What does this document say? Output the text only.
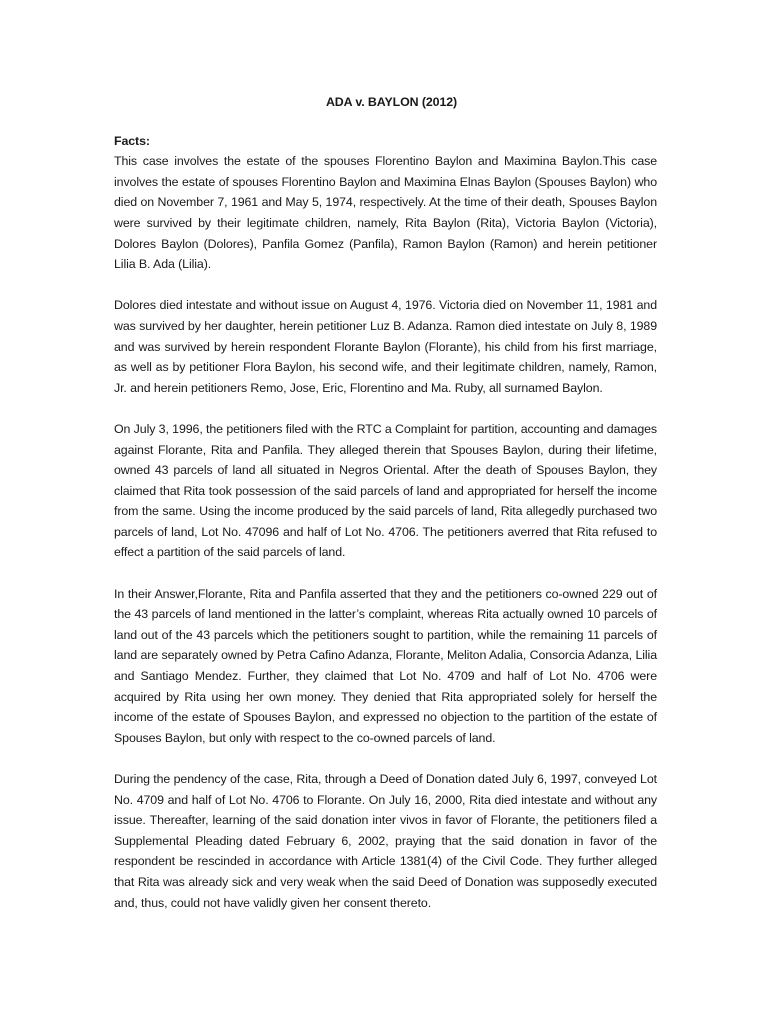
ADA v. BAYLON (2012)
Facts:

This case involves the estate of the spouses Florentino Baylon and Maximina Baylon.This case involves the estate of spouses Florentino Baylon and Maximina Elnas Baylon (Spouses Baylon) who died on November 7, 1961 and May 5, 1974, respectively. At the time of their death, Spouses Baylon were survived by their legitimate children, namely, Rita Baylon (Rita), Victoria Baylon (Victoria), Dolores Baylon (Dolores), Panfila Gomez (Panfila), Ramon Baylon (Ramon) and herein petitioner Lilia B. Ada (Lilia).

Dolores died intestate and without issue on August 4, 1976. Victoria died on November 11, 1981 and was survived by her daughter, herein petitioner Luz B. Adanza. Ramon died intestate on July 8, 1989 and was survived by herein respondent Florante Baylon (Florante), his child from his first marriage, as well as by petitioner Flora Baylon, his second wife, and their legitimate children, namely, Ramon, Jr. and herein petitioners Remo, Jose, Eric, Florentino and Ma. Ruby, all surnamed Baylon.

On July 3, 1996, the petitioners filed with the RTC a Complaint for partition, accounting and damages against Florante, Rita and Panfila. They alleged therein that Spouses Baylon, during their lifetime, owned 43 parcels of land all situated in Negros Oriental. After the death of Spouses Baylon, they claimed that Rita took possession of the said parcels of land and appropriated for herself the income from the same. Using the income produced by the said parcels of land, Rita allegedly purchased two parcels of land, Lot No. 47096 and half of Lot No. 4706. The petitioners averred that Rita refused to effect a partition of the said parcels of land.

In their Answer,Florante, Rita and Panfila asserted that they and the petitioners co-owned 229 out of the 43 parcels of land mentioned in the latter’s complaint, whereas Rita actually owned 10 parcels of land out of the 43 parcels which the petitioners sought to partition, while the remaining 11 parcels of land are separately owned by Petra Cafino Adanza, Florante, Meliton Adalia, Consorcia Adanza, Lilia and Santiago Mendez. Further, they claimed that Lot No. 4709 and half of Lot No. 4706 were acquired by Rita using her own money. They denied that Rita appropriated solely for herself the income of the estate of Spouses Baylon, and expressed no objection to the partition of the estate of Spouses Baylon, but only with respect to the co-owned parcels of land.

During the pendency of the case, Rita, through a Deed of Donation dated July 6, 1997, conveyed Lot No. 4709 and half of Lot No. 4706 to Florante. On July 16, 2000, Rita died intestate and without any issue. Thereafter, learning of the said donation inter vivos in favor of Florante, the petitioners filed a Supplemental Pleading dated February 6, 2002, praying that the said donation in favor of the respondent be rescinded in accordance with Article 1381(4) of the Civil Code. They further alleged that Rita was already sick and very weak when the said Deed of Donation was supposedly executed and, thus, could not have validly given her consent thereto.
